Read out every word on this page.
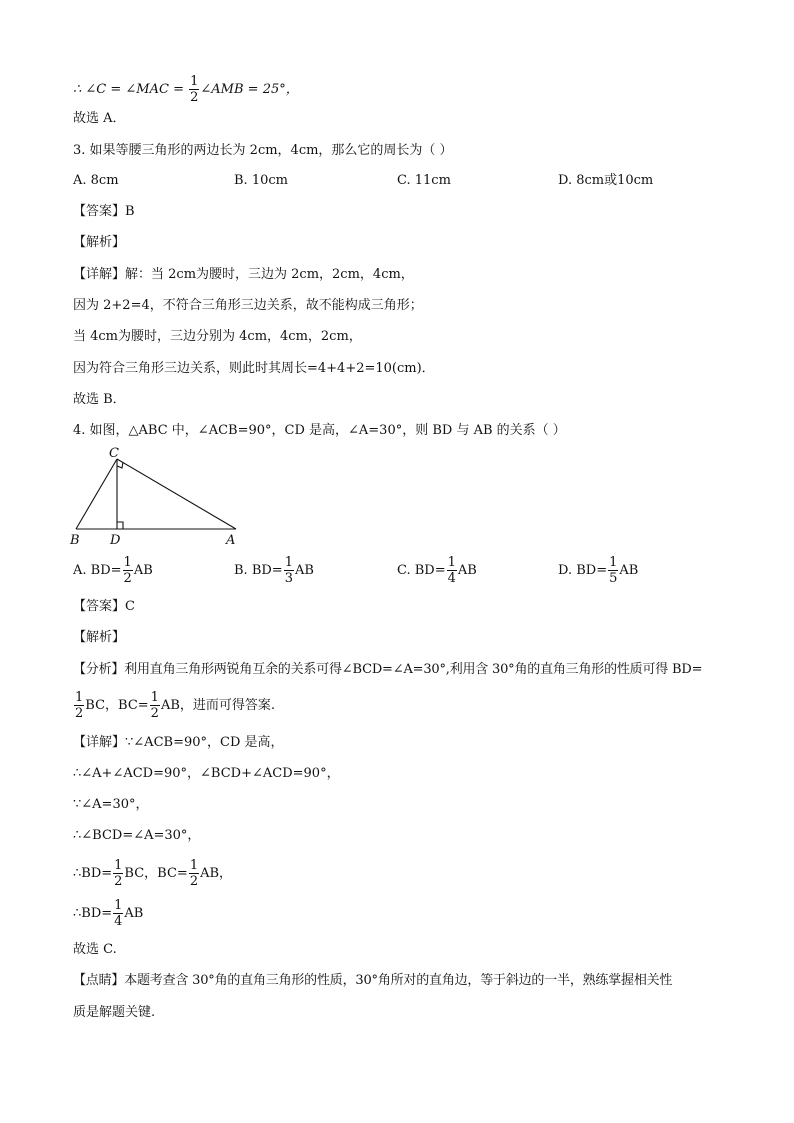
∴ ∠C = ∠MAC = $\frac{1}{2}$ ∠AMB = 25°，
故选 A．
3. 如果等腰三角形的两边长为 2cm，4cm，那么它的周长为（ ）
A. 8cm	B. 10cm	C. 11cm	D. 8cm或10cm
【答案】B
【解析】
【详解】解：当 2cm为腰时，三边为 2cm，2cm，4cm，
因为 2+2=4，不符合三角形三边关系，故不能构成三角形；
当 4cm为腰时，三边分别为 4cm，4cm，2cm，
因为符合三角形三边关系，则此时其周长=4+4+2=10(cm)．
故选 B．
4. 如图，△ABC 中，∠ACB=90°，CD 是高，∠A=30°，则 BD 与 AB 的关系（ ）
C
B D	A
A. $BD= \frac{1}{2}$ AB	B. $BD= \frac{1}{3}$ AB	C. $BD= \frac{1}{4}$ AB	D. $BD= \frac{1}{5}$ AB
【答案】C
【解析】
【分析】利用直角三角形两锐角互余的关系可得∠BCD=∠A=30°,利用含 30°角的直角三角形的性质可得 BD=
$\frac{1}{2}$ BC，$BC= \frac{1}{2}$ AB，进而可得答案.
【详解】∵∠ACB=90°，CD 是高，
∴∠A+∠ACD=90°，∠BCD+∠ACD=90°，
∵∠A=30°，
∴∠BCD=∠A=30°，
∴BD= $\frac{1}{2}$ BC，$BC= \frac{1}{2}$ AB，
∴BD= $\frac{1}{4}$ AB
故选 C.
【点睛】本题考查含 30°角的直角三角形的性质，30°角所对的直角边，等于斜边的一半，熟练掌握相关性
质是解题关键.
